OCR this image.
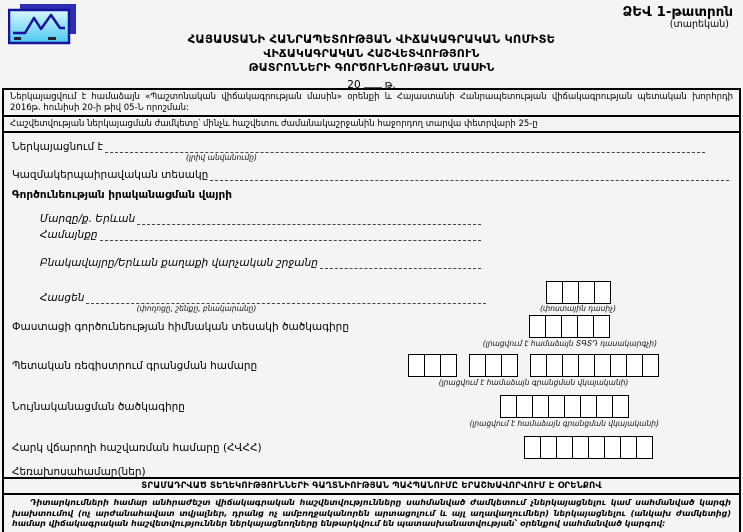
ՁԵՎ 1-թատրոն
(տարեկան)
ՀԱՅԱՍՏԱՆԻ ՀԱՆՐԱՊԵՏՈՒԹՅԱՆ ՎԻՃԱԿԱԳՐԱԿԱՆ ԿՈՄԻՏԵ
ՎԻՃԱԿԱԳՐԱԿԱՆ ՀԱՇՎԵՏՎՈՒԹՅՈՒՆ
ԹԱՏՐՈՆՆԵՐԻ ԳՈՐԾՈՒՆԵՈՒԹՅԱՆ ՄԱՍԻՆ
20 թ.
Ներկայացվում է համաձայն «Պաշտոնական վիճակագրության մասին» օրենքի և Հայաստանի Հանրապետության վիճակագրության պետական խորհրդի 2016թ. հունիսի 20-ի թիվ 05-Ն որոշման:
Հաշվետվության ներկայացման ժամկետը՝ մինչև հաշվետու ժամանակաշրջանին հաջորդող տարվա փետրվարի 25-ը
Ներկայացնում է
(լրիվ անվանումը)
Կազմակերպաիրավական տեսակը
Գործունեության իրականացման վայրի
Մարզը/ք. Երևան
Համայնքը
Բնակավայրը/Երևան քաղաքի վարչական շրջանը
Հասցեն
(փողոցը, շենքը, բնակարանը)	(փոստային դասիչ)
Փաստացի գործունեության հիմնական տեսակի ծածկագիրը
(լրացվում է համաձայն ՏԳՏԴ դասակարգչի)
Պետական ռեգիստրում գրանցման համարը
(լրացվում է համաձայն գրանցման վկայականի)
Նույնականացման ծածկագիրը
(լրացվում է համաձայն գրանցման վկայականի)
Հարկ վճարողի հաշվառման համարը (ՀՎՀՀ)
Հեռախոսահամար(ներ)
ՏՐԱՄԱԴՐՎԱԾ ՏԵՂԵԿՈՒԹՅՈՒՆՆԵՐԻ ԳԱՂՏՆԻՈՒԹՅԱՆ ՊԱՀՊԱՆՈՒՄԸ ԵՐԱՇԽԱՎՈՐՎՈՒՄ Է ՕՐԵՆՔՈՎ

Դիտարկումների համար անհրաժեշտ վիճակագրական հաշվետվությունները սահմանված ժամկետում չներկայացնելու կամ սահմանված կարգի խախտումով (ոչ արժանահավատ տվյալներ, դրանց ոչ ամբողջականորեն արտացոլում և այլ աղավաղումներ) ներկայացնելու (անկախ ժամկետից) համար վիճակագրական հաշվետվություններ ներկայացնողները ենթարկվում են պատասխանատվության՝ օրենքով սահմանված կարգով:
